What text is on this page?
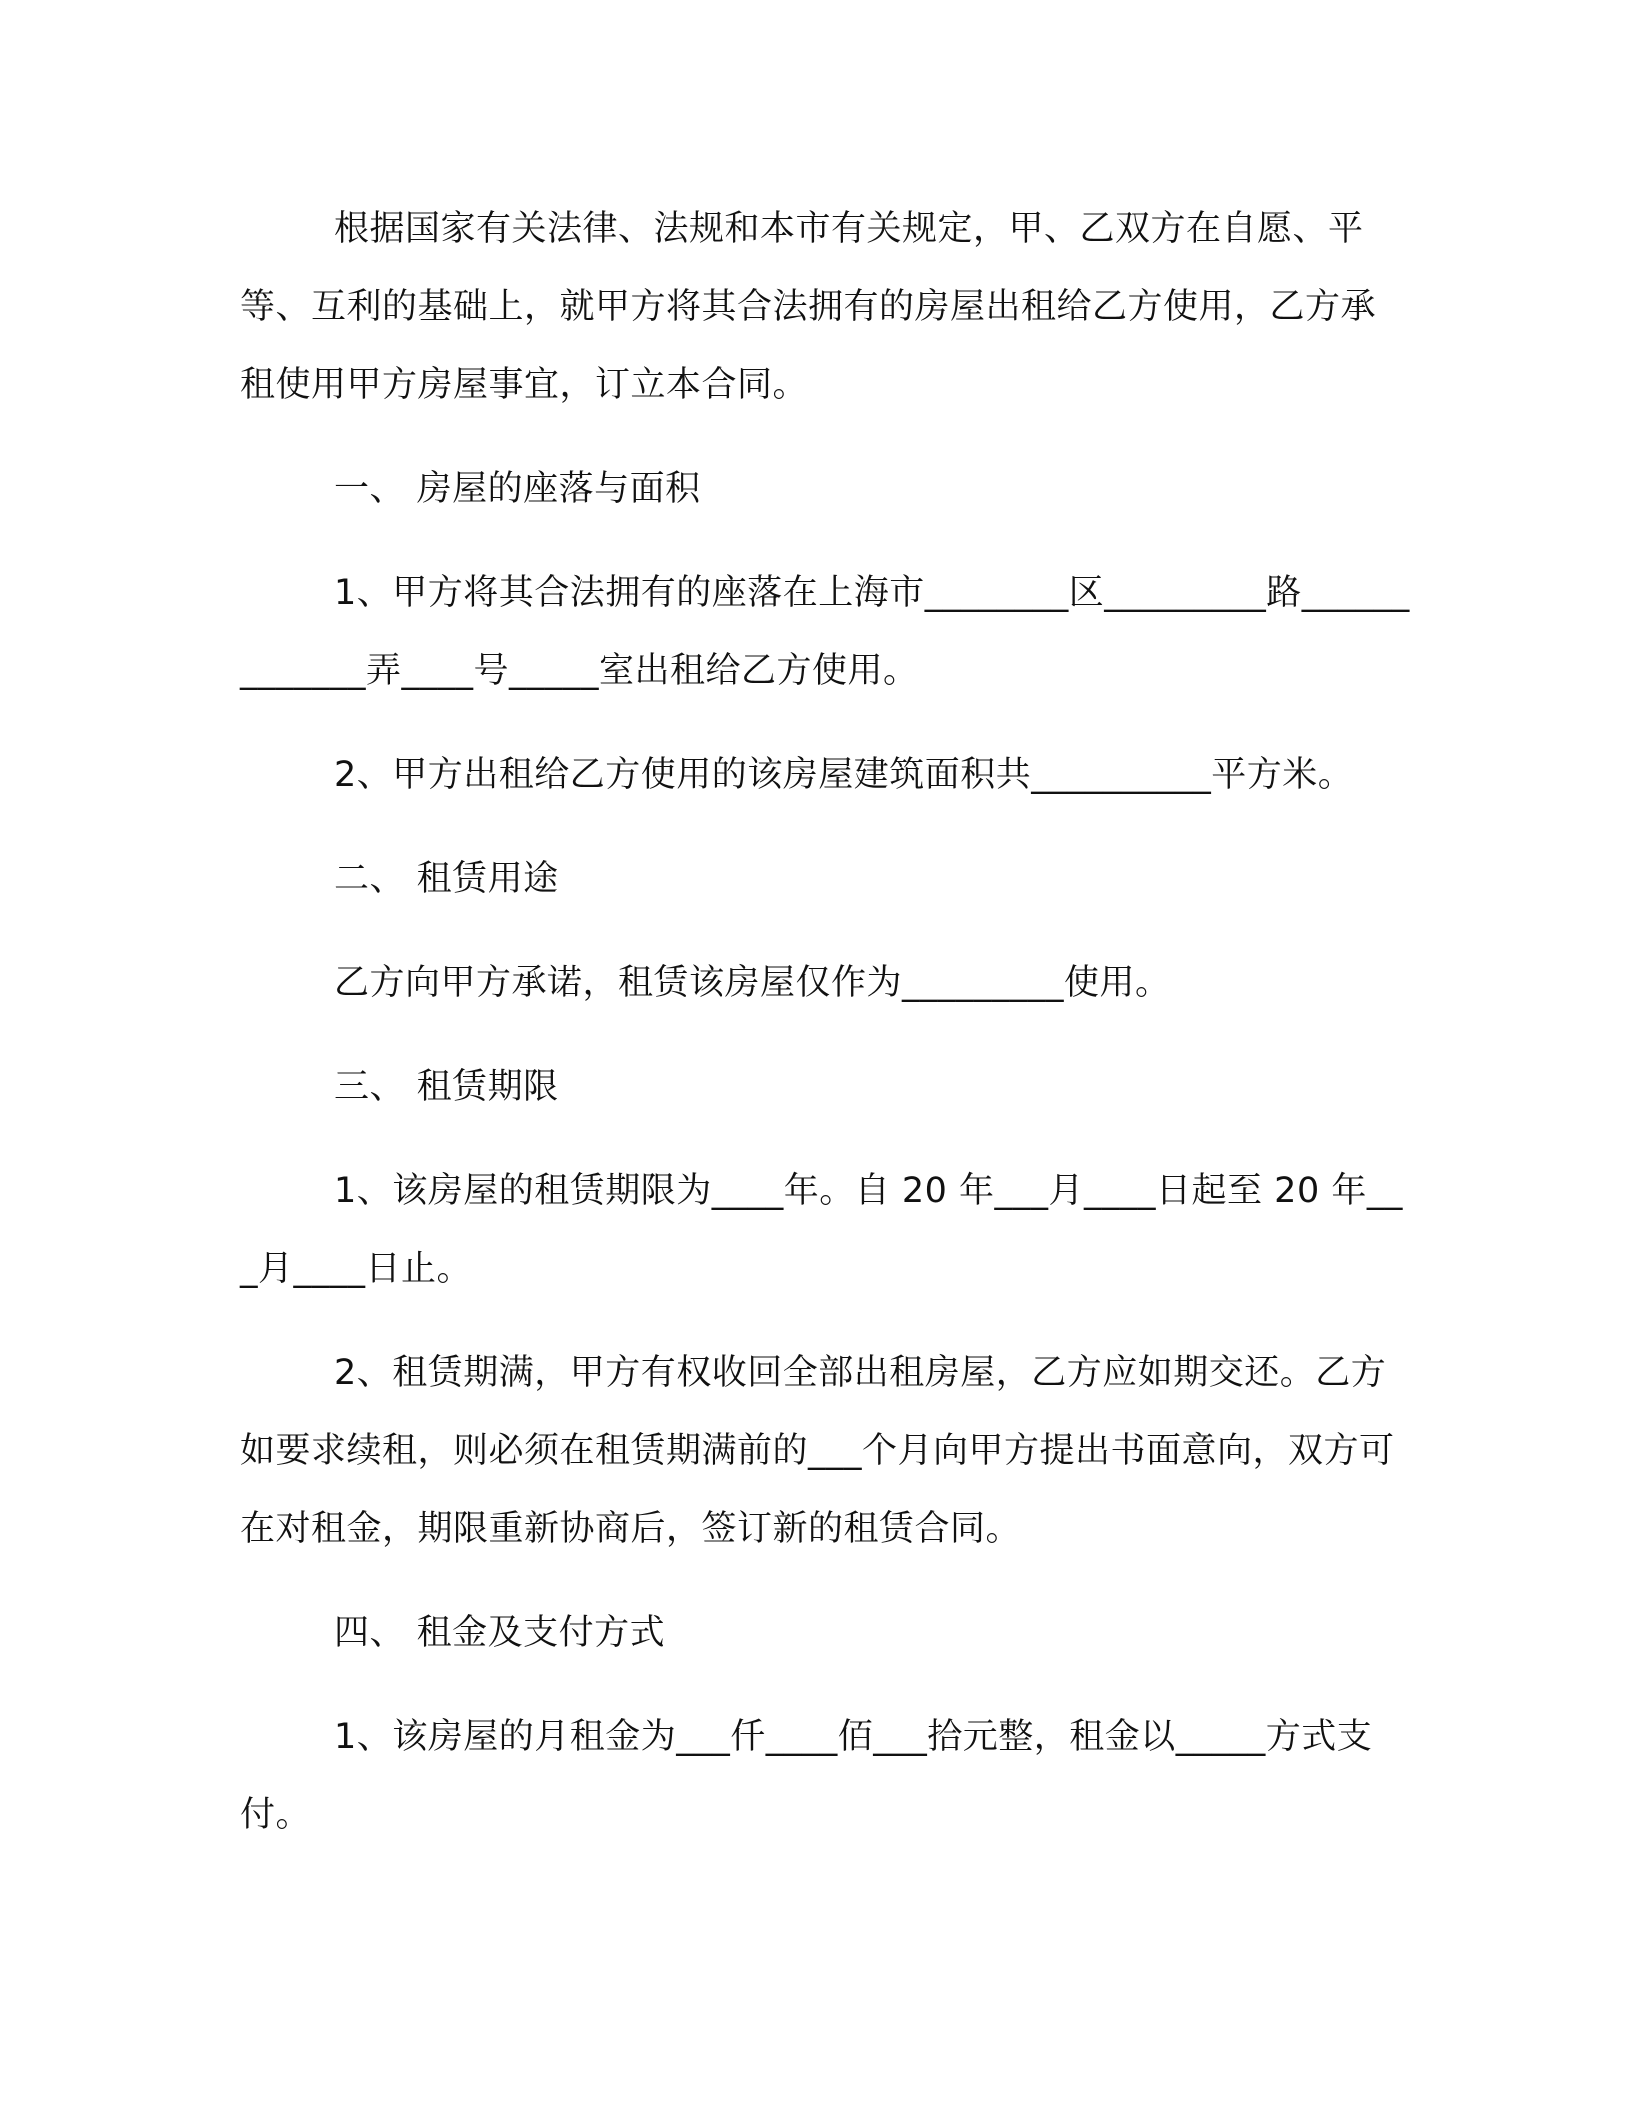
根据国家有关法律、法规和本市有关规定，甲、乙双方在自愿、平等、互利的基础上，就甲方将其合法拥有的房屋出租给乙方使用，乙方承租使用甲方房屋事宜，订立本合同。

一、 房屋的座落与面积

1、甲方将其合法拥有的座落在上海市________区_________路_____________弄____号_____室出租给乙方使用。

2、甲方出租给乙方使用的该房屋建筑面积共__________平方米。

二、 租赁用途

乙方向甲方承诺，租赁该房屋仅作为_________使用。

三、 租赁期限

1、该房屋的租赁期限为____年。自 20 年___月____日起至 20 年___月____日止。

2、租赁期满，甲方有权收回全部出租房屋，乙方应如期交还。乙方如要求续租，则必须在租赁期满前的___个月向甲方提出书面意向，双方可在对租金，期限重新协商后，签订新的租赁合同。

四、 租金及支付方式

1、该房屋的月租金为___仟____佰___拾元整，租金以_____方式支付。
